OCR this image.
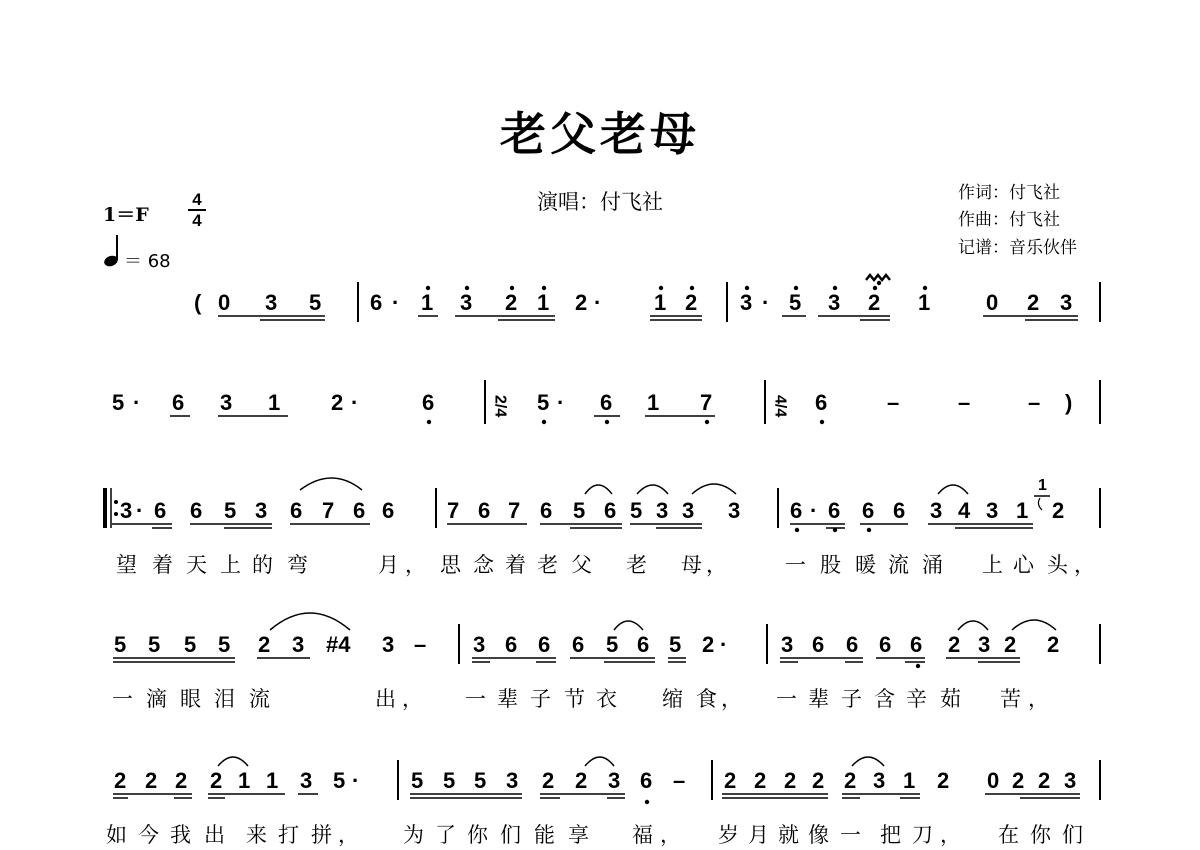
老父老母
演唱：付飞社	作词：付飞社
作曲：付飞社
记谱：音乐伙伴
$1=F \frac{4}{4}$
＝ 68
1
( 0 3 5 6 · 1 3 2 1 2 · 1 2 3 · 5 3 2 1	0 2 3
5 · 6 3 1 2 ·	6	2/4 5 · 6 1 7	4/4 6	–	–	– )
3 · 6 6 5 3 6 7 6 6 7 6 7 6 5 6 5 3 3 3 6 · 6 6 6 3 4 3 1 2
望 着 天 上 的 弯	月 ， 思 念 着 老 父 老 母 ，	一 股 暖 流 涌 上 心 头 ，
5 5 5 5 2 3 #4 3 – 3 6 6 6 5 6 5 2 · 3 6 6 6 6 2 3 2 2
一 滴 眼 泪 流	出 ， 一 辈 子 节 衣 缩 食 ， 一 辈 子 含 辛 茹 苦 ，
2 2 2 2 1 1 3 5 · 5 5 5 3 2 2 3 6 – 2 2 2 2 2 3 1 2 0 2 2 3
如 今 我 出 来 打 拼 ， 为 了 你 们 能 享 福 ， 岁 月 就 像 一 把 刀 ， 在 你 们
